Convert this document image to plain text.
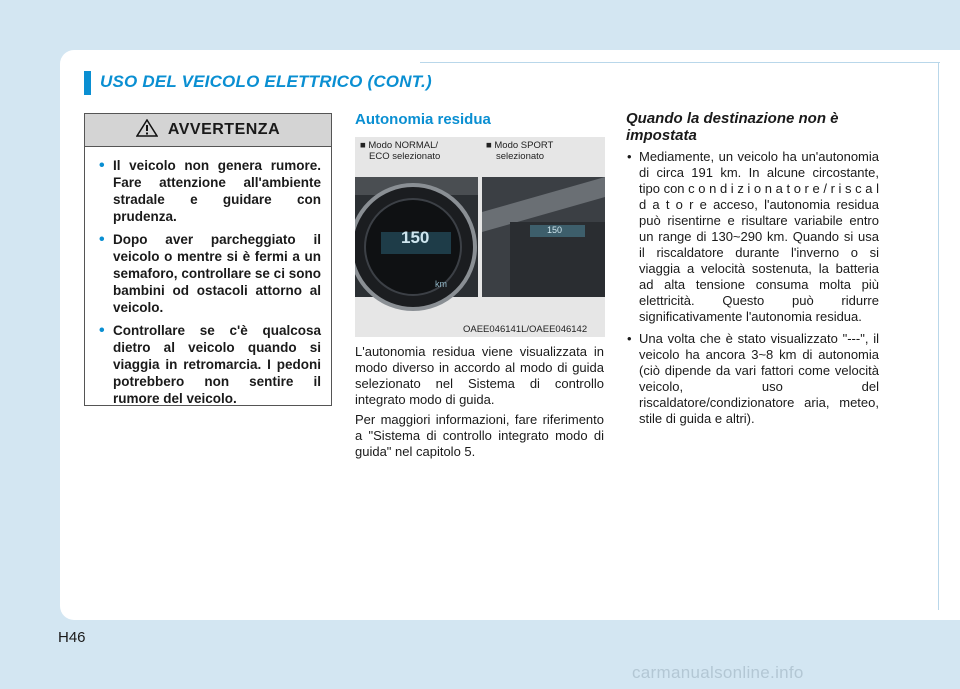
USO DEL VEICOLO ELETTRICO (CONT.)
AVVERTENZA
• Il veicolo non genera rumore. Fare attenzione all'ambiente stradale e guidare con prudenza.
• Dopo aver parcheggiato il veicolo o mentre si è fermi a un semaforo, controllare se ci sono bambini od ostacoli attorno al veicolo.
• Controllare se c'è qualcosa dietro al veicolo quando si viaggia in retromarcia. I pedoni potrebbero non sentire il rumore del veicolo.
Autonomia residua
km
■ Modo NORMAL/
ECO selezionato
■ Modo SPORT
selezionato
150	150
OAEE046141L/OAEE046142

L'autonomia residua viene visualizzata in modo diverso in accordo al modo di guida selezionato nel Sistema di controllo integrato modo di guida.

Per maggiori informazioni, fare riferimento a "Sistema di controllo integrato modo di guida" nel capitolo 5.

Quando la destinazione non è impostata
• Mediamente, un veicolo ha un'autonomia di circa 191 km. In alcune circostante, tipo con c o n d i z i o n a t o r e / r i s c a l d a t o r e acceso, l'autonomia residua può risentirne e risultare variabile entro un range di 130~290 km. Quando si usa il riscaldatore durante l'inverno o si viaggia a velocità sostenuta, la batteria ad alta tensione consuma molta più elettricità. Questo può ridurre significativamente l'autonomia residua.
• Una volta che è stato visualizzato "---", il veicolo ha ancora 3~8 km di autonomia (ciò dipende da vari fattori come velocità veicolo, uso del riscaldatore/condizionatore aria, meteo, stile di guida e altri).
H46
carmanualsonline.info
